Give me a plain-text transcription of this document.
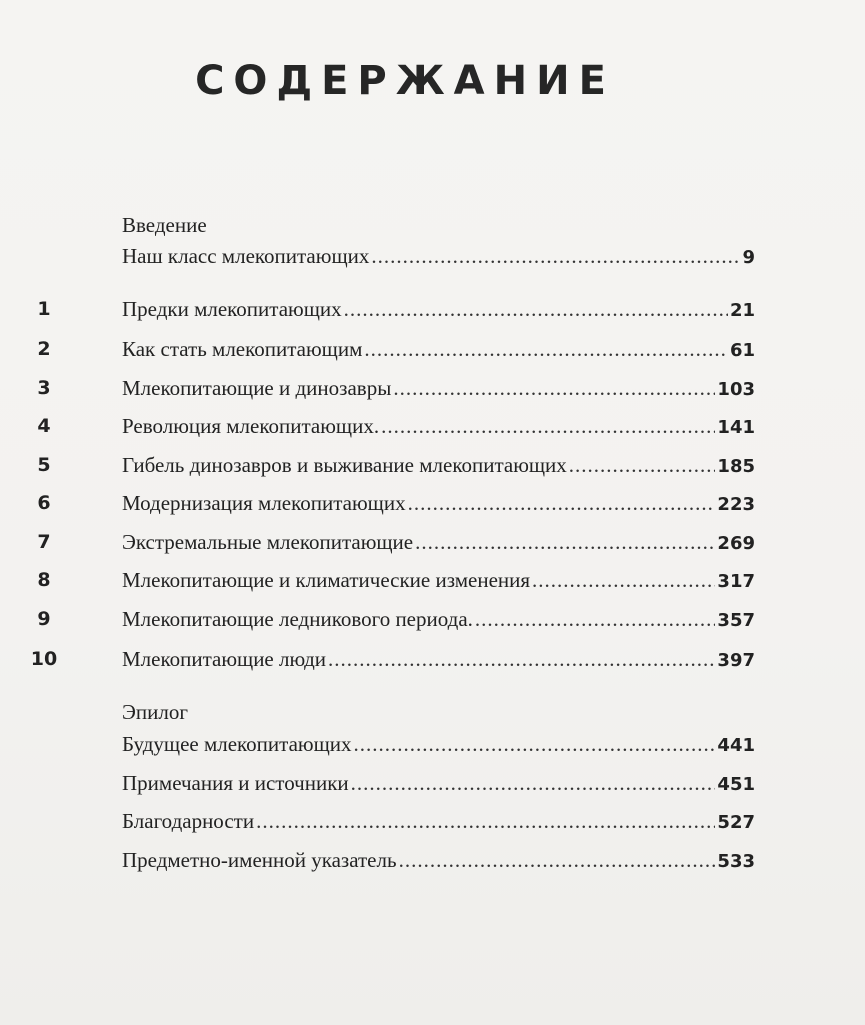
СОДЕРЖАНИЕ
Введение
Наш класс млекопитающих .....	9
1	Предки млекопитающих .....	21
2	Как стать млекопитающим .....	61
3	Млекопитающие и динозавры .....	103
4	Революция млекопитающих. .....	141
5	Гибель динозавров и выживание млекопитающих .....	185
6	Модернизация млекопитающих .....	223
7	Экстремальные млекопитающие .....	269
8	Млекопитающие и климатические изменения .....	317
9	Млекопитающие ледникового периода. .....	357
10	Млекопитающие люди .....	397
Эпилог
Будущее млекопитающих .....	441
Примечания и источники .....	451
Благодарности .....	527
Предметно-именной указатель .....	533
